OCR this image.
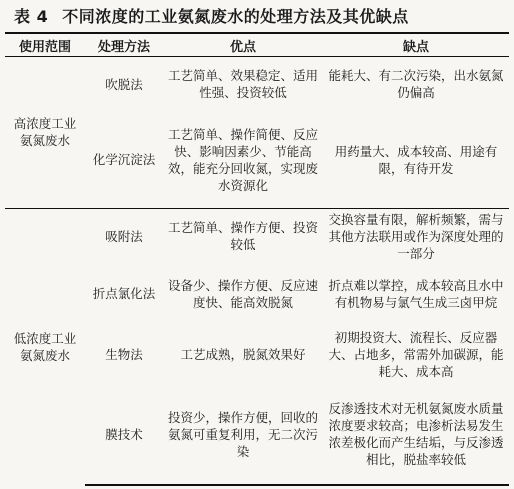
表 4 不同浓度的工业氨氮废水的处理方法及其优缺点
使用范围	处理方法	优点	缺点
高浓度工业氨氮废水	吹脱法	工艺简单、效果稳定、适用性强、投资较低	能耗大、有二次污染，出水氨氮仍偏高
	化学沉淀法	工艺简单、操作简便、反应快、影响因素少、节能高效，能充分回收氮，实现废水资源化	用药量大、成本较高、用途有限，有待开发
低浓度工业氨氮废水	吸附法	工艺简单、操作方便、投资较低	交换容量有限，解析频繁，需与其他方法联用或作为深度处理的一部分
	折点氯化法	设备少、操作方便、反应速度快、能高效脱氮	折点难以掌控，成本较高且水中有机物易与氯气生成三卤甲烷
	生物法	工艺成熟，脱氮效果好	初期投资大、流程长、反应器大、占地多，常需外加碳源，能耗大、成本高
	膜技术	投资少，操作方便，回收的氨氮可重复利用，无二次污染	反渗透技术对无机氨氮废水质量浓度要求较高；电渗析法易发生浓差极化而产生结垢，与反渗透相比，脱盐率较低
